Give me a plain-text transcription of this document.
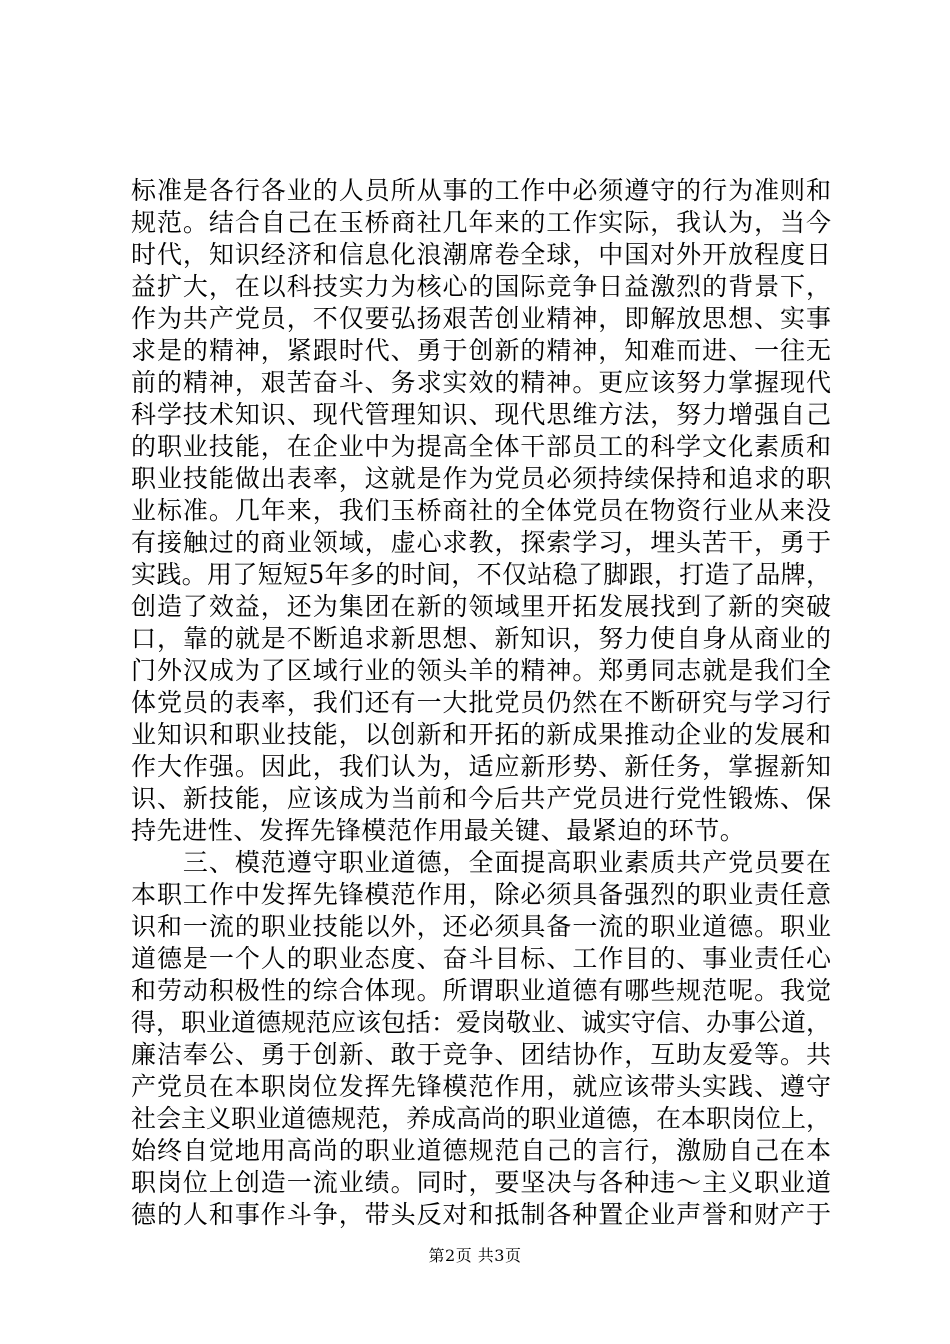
标准是各行各业的人员所从事的工作中必须遵守的行为准则和
规范。结合自己在玉桥商社几年来的工作实际，我认为，当今
时代，知识经济和信息化浪潮席卷全球，中国对外开放程度日
益扩大，在以科技实力为核心的国际竞争日益激烈的背景下，
作为共产党员，不仅要弘扬艰苦创业精神，即解放思想、实事
求是的精神，紧跟时代、勇于创新的精神，知难而进、一往无
前的精神，艰苦奋斗、务求实效的精神。更应该努力掌握现代
科学技术知识、现代管理知识、现代思维方法，努力增强自己
的职业技能，在企业中为提高全体干部员工的科学文化素质和
职业技能做出表率，这就是作为党员必须持续保持和追求的职
业标准。几年来，我们玉桥商社的全体党员在物资行业从来没
有接触过的商业领域，虚心求教，探索学习，埋头苦干，勇于
实践。用了短短5年多的时间，不仅站稳了脚跟，打造了品牌，
创造了效益，还为集团在新的领域里开拓发展找到了新的突破
口，靠的就是不断追求新思想、新知识，努力使自身从商业的
门外汉成为了区域行业的领头羊的精神。郑勇同志就是我们全
体党员的表率，我们还有一大批党员仍然在不断研究与学习行
业知识和职业技能，以创新和开拓的新成果推动企业的发展和
作大作强。因此，我们认为，适应新形势、新任务，掌握新知
识、新技能，应该成为当前和今后共产党员进行党性锻炼、保
持先进性、发挥先锋模范作用最关键、最紧迫的环节。
　　三、模范遵守职业道德，全面提高职业素质共产党员要在
本职工作中发挥先锋模范作用，除必须具备强烈的职业责任意
识和一流的职业技能以外，还必须具备一流的职业道德。职业
道德是一个人的职业态度、奋斗目标、工作目的、事业责任心
和劳动积极性的综合体现。所谓职业道德有哪些规范呢。我觉
得，职业道德规范应该包括：爱岗敬业、诚实守信、办事公道，
廉洁奉公、勇于创新、敢于竞争、团结协作，互助友爱等。共
产党员在本职岗位发挥先锋模范作用，就应该带头实践、遵守
社会主义职业道德规范，养成高尚的职业道德，在本职岗位上，
始终自觉地用高尚的职业道德规范自己的言行，激励自己在本
职岗位上创造一流业绩。同时，要坚决与各种违～主义职业道
德的人和事作斗争，带头反对和抵制各种置企业声誉和财产于
第2页 共3页
